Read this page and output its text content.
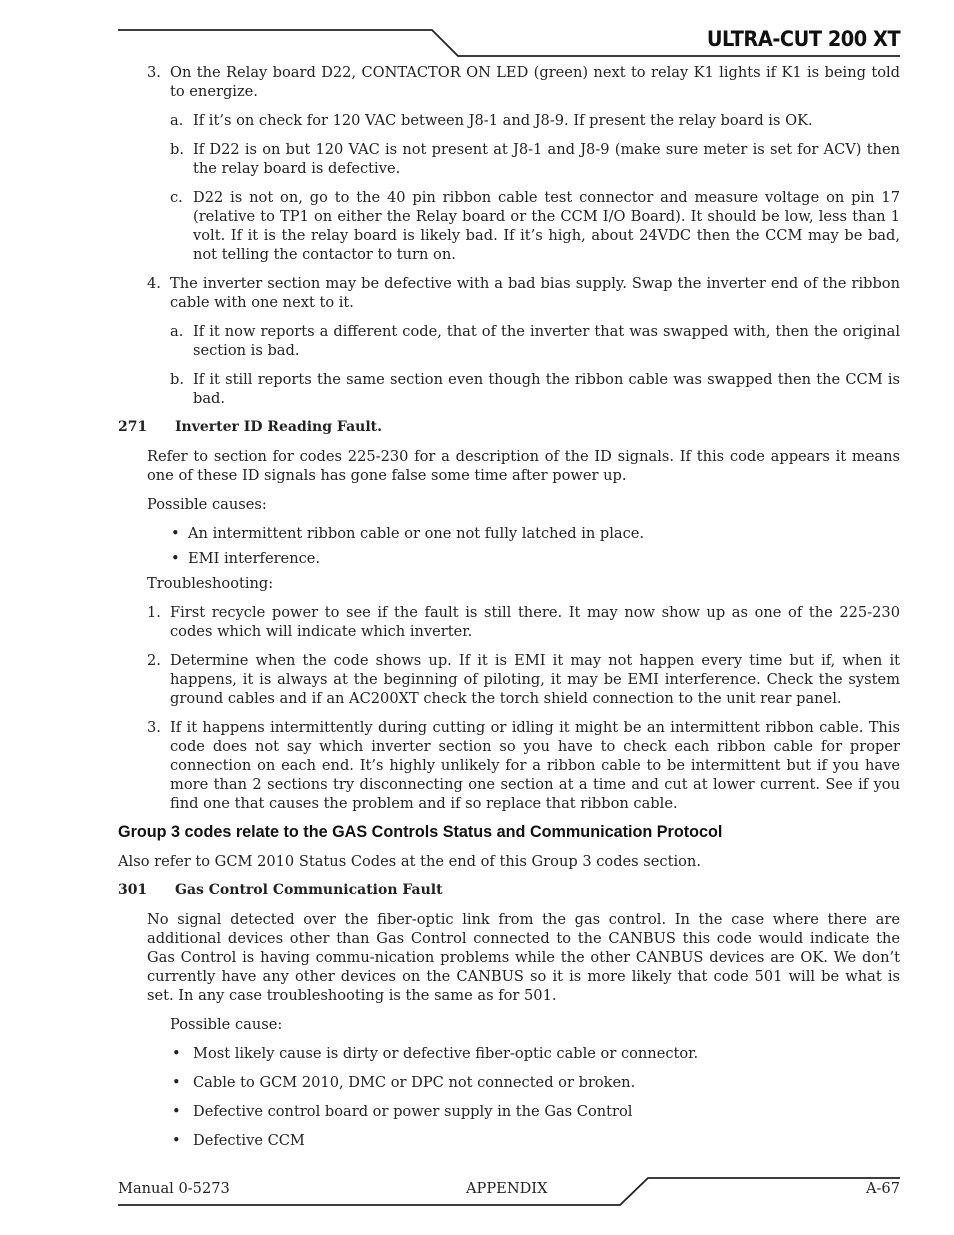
ULTRA-CUT 200 XT
3. On the Relay board D22, CONTACTOR ON LED (green) next to relay K1 lights if K1 is being told to energize.
a. If it’s on check for 120 VAC between J8-1 and J8-9. If present the relay board is OK.
b. If D22 is on but 120 VAC is not present at J8-1 and J8-9 (make sure meter is set for ACV) then the relay board is defective.
c. D22 is not on, go to the 40 pin ribbon cable test connector and measure voltage on pin 17 (relative to TP1 on either the Relay board or the CCM I/O Board). It should be low, less than 1 volt. If it is the relay board is likely bad. If it’s high, about 24VDC then the CCM may be bad, not telling the contactor to turn on.
4. The inverter section may be defective with a bad bias supply. Swap the inverter end of the ribbon cable with one next to it.
a. If it now reports a different code, that of the inverter that was swapped with, then the original section is bad.
b. If it still reports the same section even though the ribbon cable was swapped then the CCM is bad.

271 Inverter ID Reading Fault.

Refer to section for codes 225-230 for a description of the ID signals. If this code appears it means one of these ID signals has gone false some time after power up.

Possible causes:

• An intermittent ribbon cable or one not fully latched in place.

• EMI interference.

Troubleshooting:

1. First recycle power to see if the fault is still there. It may now show up as one of the 225-230 codes which will indicate which inverter.
2. Determine when the code shows up. If it is EMI it may not happen every time but if, when it happens, it is always at the beginning of piloting, it may be EMI interference. Check the system ground cables and if an AC200XT check the torch shield connection to the unit rear panel.
3. If it happens intermittently during cutting or idling it might be an intermittent ribbon cable. This code does not say which inverter section so you have to check each ribbon cable for proper connection on each end. It’s highly unlikely for a ribbon cable to be intermittent but if you have more than 2 sections try disconnecting one section at a time and cut at lower current. See if you find one that causes the problem and if so replace that ribbon cable.

Group 3 codes relate to the GAS Controls Status and Communication Protocol

Also refer to GCM 2010 Status Codes at the end of this Group 3 codes section.

301 Gas Control Communication Fault

No signal detected over the fiber-optic link from the gas control. In the case where there are additional devices other than Gas Control connected to the CANBUS this code would indicate the Gas Control is having commu-nication problems while the other CANBUS devices are OK. We don’t currently have any other devices on the CANBUS so it is more likely that code 501 will be what is set. In any case troubleshooting is the same as for 501.

Possible cause:

• Most likely cause is dirty or defective fiber-optic cable or connector.

• Cable to GCM 2010, DMC or DPC not connected or broken.

• Defective control board or power supply in the Gas Control

• Defective CCM

Manual 0-5273	APPENDIX	A-67
